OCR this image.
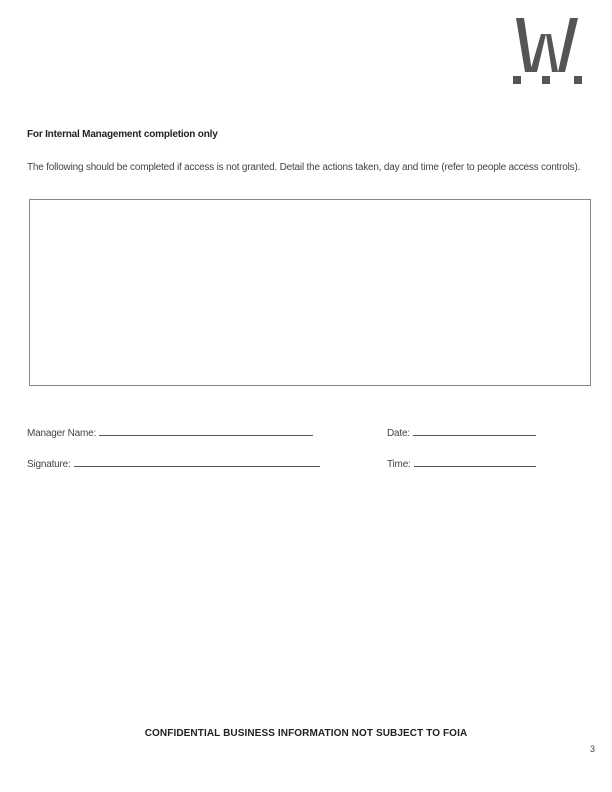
For Internal Management completion only
The following should be completed if access is not granted. Detail the actions taken, day and time (refer to people access controls).
Manager Name:	Date:
Signature:	Time:
CONFIDENTIAL BUSINESS INFORMATION NOT SUBJECT TO FOIA
3
